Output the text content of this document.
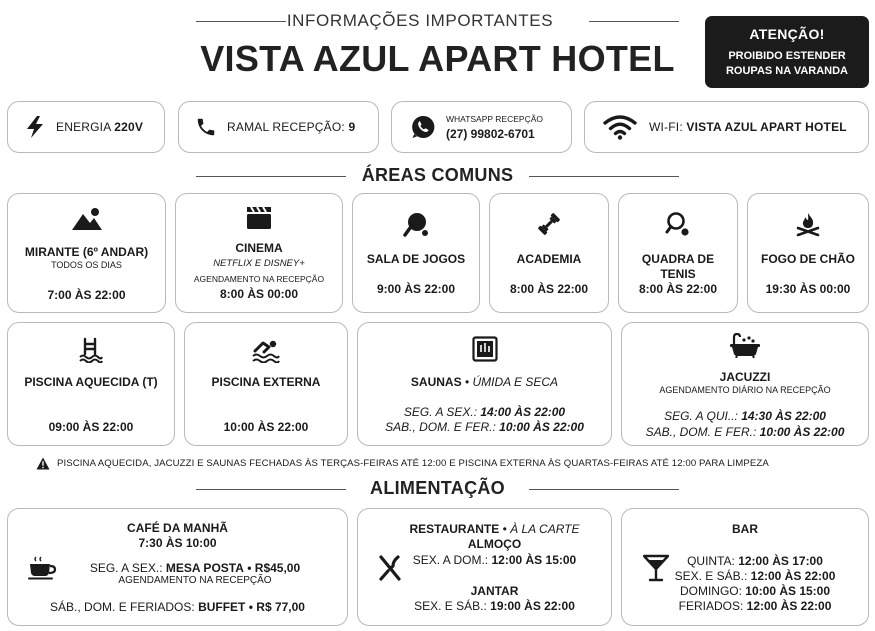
INFORMAÇÕES IMPORTANTES
VISTA AZUL APART HOTEL
ATENÇÃO!
PROIBIDO ESTENDER
ROUPAS NA VARANDA
ENERGIA 220V	RAMAL RECEPÇÃO: 9
WHATSAPP RECEPÇÃO
(27) 99802-6701	WI-FI: VISTA AZUL APART HOTEL
ÁREAS COMUNS
MIRANTE (6º ANDAR)
TODOS OS DIAS
7:00 ÀS 22:00
CINEMA
NETFLIX E DISNEY+
AGENDAMENTO NA RECEPÇÃO
8:00 ÀS 00:00
SALA DE JOGOS
9:00 ÀS 22:00
ACADEMIA
8:00 ÀS 22:00
QUADRA DE
TENIS
8:00 ÀS 22:00
FOGO DE CHÃO
19:30 ÀS 00:00
PISCINA AQUECIDA (T)
09:00 ÀS 22:00
PISCINA EXTERNA
10:00 ÀS 22:00
SAUNAS • ÚMIDA E SECA
SEG. A SEX.: 14:00 ÀS 22:00
SAB., DOM. E FER.: 10:00 ÀS 22:00
JACUZZI
AGENDAMENTO DIÁRIO NA RECEPÇÃO
SEG. A QUI..: 14:30 ÀS 22:00
SAB., DOM. E FER.: 10:00 ÀS 22:00
PISCINA AQUECIDA, JACUZZI E SAUNAS FECHADAS ÀS TERÇAS-FEIRAS ATÉ 12:00 E PISCINA EXTERNA ÀS QUARTAS-FEIRAS ATÉ 12:00 PARA LIMPEZA
ALIMENTAÇÃO
CAFÉ DA MANHÃ
7:30 ÀS 10:00
SEG. A SEX.: MESA POSTA • R$45,00
AGENDAMENTO NA RECEPÇÃO
SÁB., DOM. E FERIADOS: BUFFET • R$ 77,00
RESTAURANTE • À LA CARTE
ALMOÇO
SEX. A DOM.: 12:00 ÀS 15:00
JANTAR
SEX. E SÁB.: 19:00 ÀS 22:00
BAR
QUINTA: 12:00 ÀS 17:00
SEX. E SÁB.: 12:00 ÀS 22:00
DOMINGO: 10:00 ÀS 15:00
FERIADOS: 12:00 ÀS 22:00
